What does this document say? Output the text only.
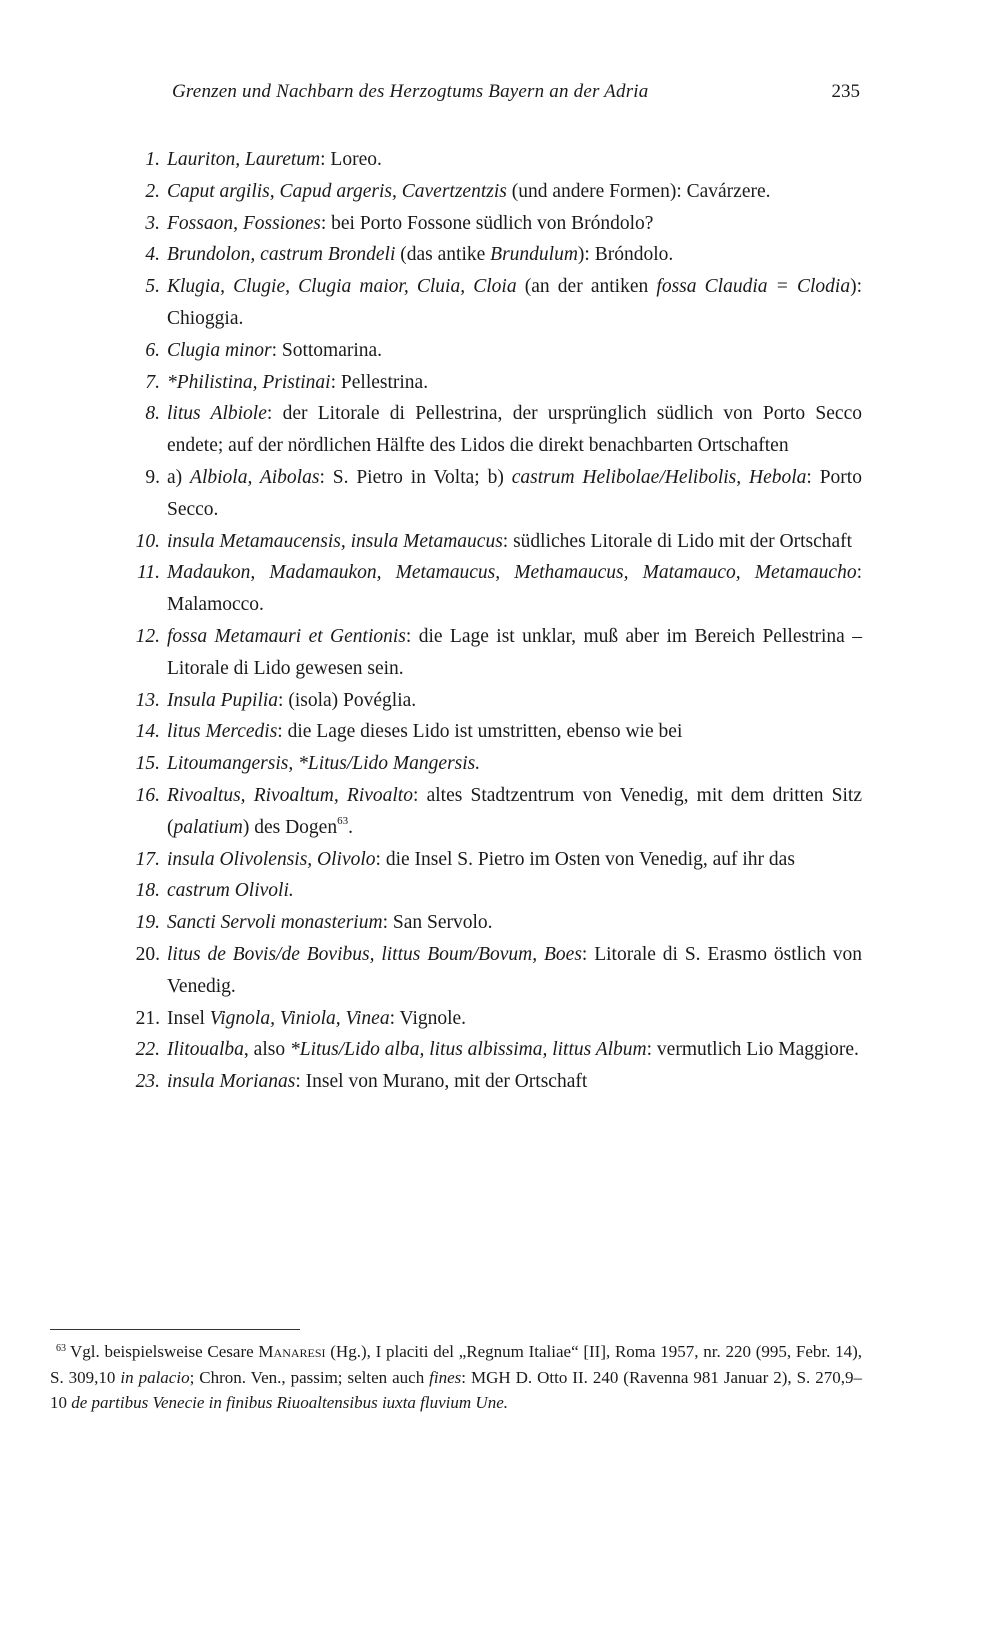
Grenzen und Nachbarn des Herzogtums Bayern an der Adria	235
1. Lauriton, Lauretum: Loreo.
2. Caput argilis, Capud argeris, Cavertzentzis (und andere Formen): Cavárzere.
3. Fossaon, Fossiones: bei Porto Fossone südlich von Bróndolo?
4. Brundolon, castrum Brondeli (das antike Brundulum): Bróndolo.
5. Klugia, Clugie, Clugia maior, Cluia, Cloia (an der antiken fossa Claudia = Clodia): Chioggia.
6. Clugia minor: Sottomarina.
7. *Philistina, Pristinai: Pellestrina.
8. litus Albiole: der Litorale di Pellestrina, der ursprünglich südlich von Porto Secco endete; auf der nördlichen Hälfte des Lidos die direkt benachbarten Ortschaften
9. a) Albiola, Aibolas: S. Pietro in Volta; b) castrum Helibolae/Helibolis, Hebola: Porto Secco.
10. insula Metamaucensis, insula Metamaucus: südliches Litorale di Lido mit der Ortschaft
11. Madaukon, Madamaukon, Metamaucus, Methamaucus, Matamauco, Metamaucho: Malamocco.
12. fossa Metamauri et Gentionis: die Lage ist unklar, muß aber im Bereich Pellestrina – Litorale di Lido gewesen sein.
13. Insula Pupilia: (isola) Povéglia.
14. litus Mercedis: die Lage dieses Lido ist umstritten, ebenso wie bei
15. Litoumangersis, *Litus/Lido Mangersis.
16. Rivoaltus, Rivoaltum, Rivoalto: altes Stadtzentrum von Venedig, mit dem dritten Sitz (palatium) des Dogen$^{63}$.
17. insula Olivolensis, Olivolo: die Insel S. Pietro im Osten von Venedig, auf ihr das
18. castrum Olivoli.
19. Sancti Servoli monasterium: San Servolo.
20. litus de Bovis/de Bovibus, littus Boum/Bovum, Boes: Litorale di S. Erasmo östlich von Venedig.
21. Insel Vignola, Viniola, Vinea: Vignole.
22. Ilitoualba, also *Litus/Lido alba, litus albissima, littus Album: vermutlich Lio Maggiore.
23. insula Morianas: Insel von Murano, mit der Ortschaft
$^{63}$ Vgl. beispielsweise Cesare Manaresi (Hg.), I placiti del „Regnum Italiae“ [II], Roma 1957, nr. 220 (995, Febr. 14), S. 309,10 in palacio; Chron. Ven., passim; selten auch fines: MGH D. Otto II. 240 (Ravenna 981 Januar 2), S. 270,9–10 de partibus Venecie in finibus Riuoaltensibus iuxta fluvium Une.
